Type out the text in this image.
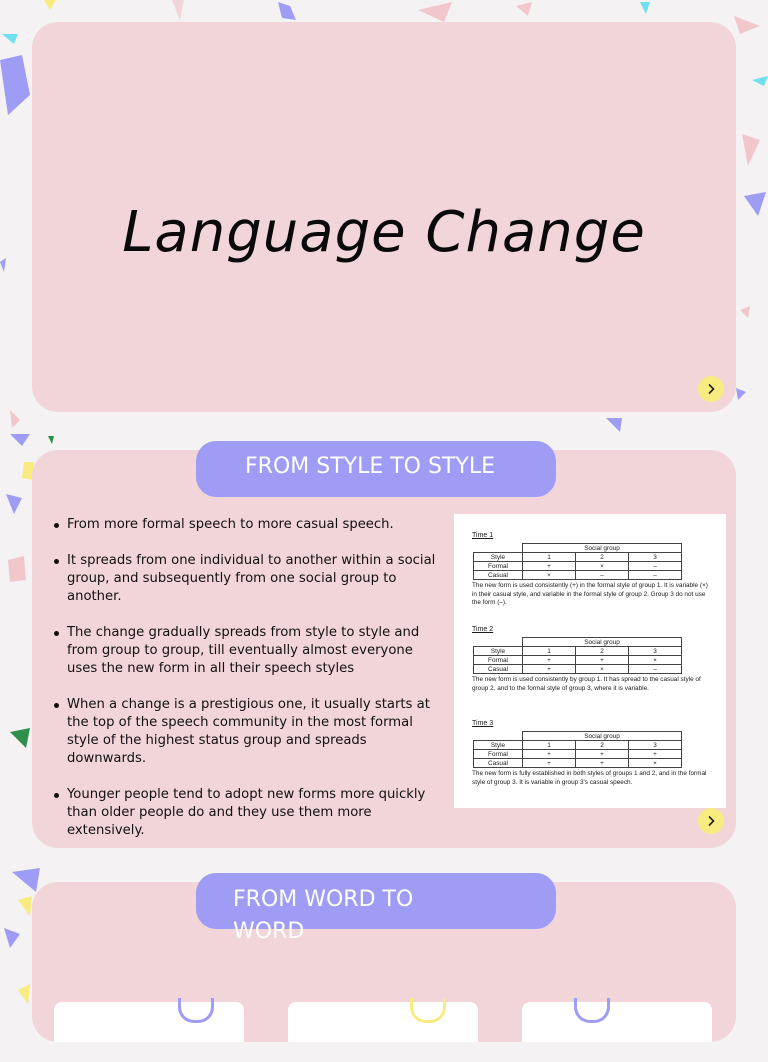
Language Change
From more formal speech to more casual speech.
It spreads from one individual to another within a social group, and subsequently from one social group to another.
The change gradually spreads from style to style and from group to group, till eventually almost everyone uses the new form in all their speech styles
When a change is a prestigious one, it usually starts at the top of the speech community in the most formal style of the highest status group and spreads downwards.
Younger people tend to adopt new forms more quickly than older people do and they use them more extensively.
Time 1
	Social group		
Style	1	2	3
Formal	+	×	–
Casual	×	–	–
The new form is used consistently (+) in the formal style of group 1. It is variable (×) in their casual style, and variable in the formal style of group 2. Group 3 do not use the form (–).
Time 2
	Social group		
Style	1	2	3
Formal	+	+	×
Casual	+	×	–
The new form is used consistently by group 1. It has spread to the casual style of group 2, and to the formal style of group 3, where it is variable.
Time 3
	Social group		
Style	1	2	3
Formal	+	+	+
Casual	+	+	×
The new form is fully established in both styles of groups 1 and 2, and in the formal style of group 3. It is variable in group 3's casual speech.
FROM STYLE TO STYLE
FROM WORD TO WORD
